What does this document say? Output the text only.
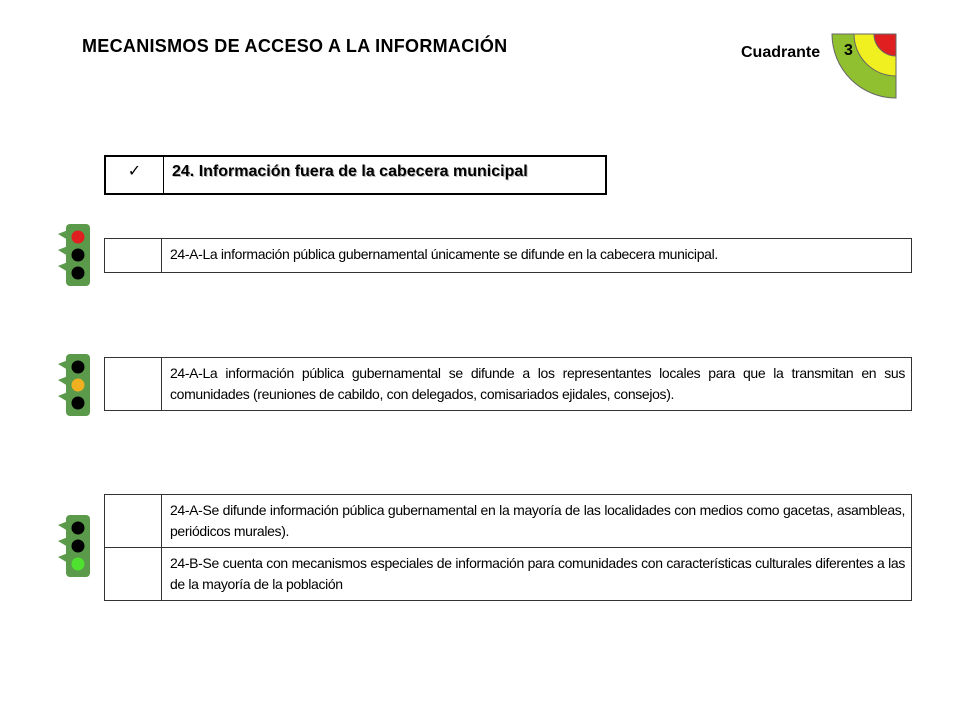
MECANISMOS DE ACCESO A LA INFORMACIÓN	Cuadrante 3
✓	24. Información fuera de la cabecera municipal
	24-A-La información pública gubernamental únicamente se difunde en la cabecera municipal.
	24-A-La información pública gubernamental se difunde a los representantes locales para que la transmitan en sus comunidades (reuniones de cabildo, con delegados, comisariados ejidales, consejos).
	24-A-Se difunde información pública gubernamental en la mayoría de las localidades con medios como gacetas, asambleas, periódicos murales).
	24-B-Se cuenta con mecanismos especiales de información para comunidades con características culturales diferentes a las de la mayoría de la población
